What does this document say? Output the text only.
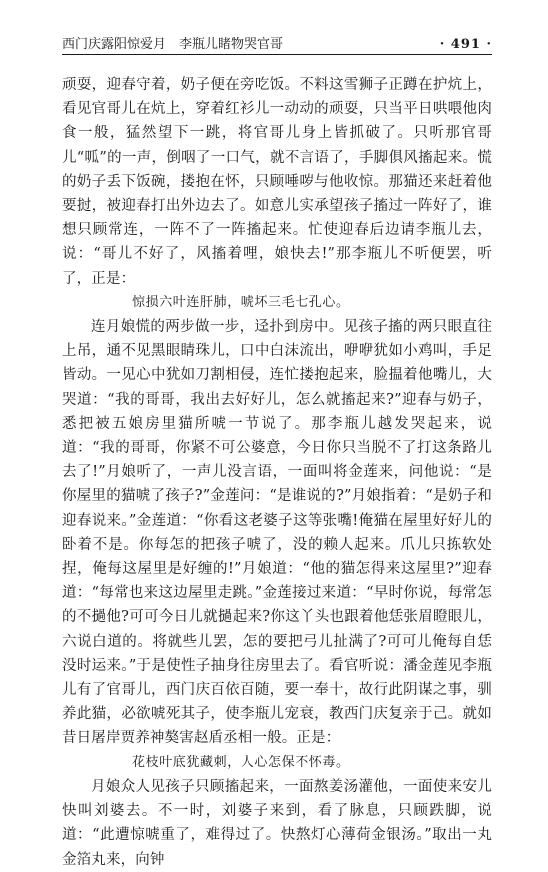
西门庆露阳惊爱月　李瓶儿睹物哭官哥	· 491 ·

顽耍，迎春守着，奶子便在旁吃饭。不料这雪狮子正蹲在护炕上，看见官哥儿在炕上，穿着红衫儿一动动的顽耍，只当平日哄喂他肉食一般，猛然望下一跳，将官哥儿身上皆抓破了。只听那官哥儿“呱”的一声，倒咽了一口气，就不言语了，手脚俱风搐起来。慌的奶子丢下饭碗，搂抱在怀，只顾唾哕与他收惊。那猫还来赶着他要挝，被迎春打出外边去了。如意儿实承望孩子搐过一阵好了，谁想只顾常连，一阵不了一阵搐起来。忙使迎春后边请李瓶儿去，说：“哥儿不好了，风搐着哩，娘快去!”那李瓶儿不听便罢，听了，正是：

惊损六叶连肝肺，唬坏三毛七孔心。

连月娘慌的两步做一步，迳扑到房中。见孩子搐的两只眼直往上吊，通不见黑眼睛珠儿，口中白沫流出，咿咿犹如小鸡叫，手足皆动。一见心中犹如刀割相侵，连忙搂抱起来，脸揾着他嘴儿，大哭道：“我的哥哥，我出去好好儿，怎么就搐起来?”迎春与奶子，悉把被五娘房里猫所唬一节说了。那李瓶儿越发哭起来，说道：“我的哥哥，你紧不可公婆意，今日你只当脱不了打这条路儿去了!”月娘听了，一声儿没言语，一面叫将金莲来，问他说：“是你屋里的猫唬了孩子?”金莲问：“是谁说的?”月娘指着：“是奶子和迎春说来。”金莲道：“你看这老婆子这等张嘴!俺猫在屋里好好儿的卧着不是。你每怎的把孩子唬了，没的赖人起来。爪儿只拣软处捏，俺每这屋里是好缠的!”月娘道：“他的猫怎得来这屋里?”迎春道：“每常也来这边屋里走跳。”金莲接过来道：“早时你说，每常怎的不撾他?可可今日儿就撾起来?你这丫头也跟着他恁张眉瞪眼儿，六说白道的。将就些儿罢，怎的要把弓儿扯满了?可可儿俺每自恁没时运来。”于是使性子抽身往房里去了。看官听说：潘金莲见李瓶儿有了官哥儿，西门庆百依百随，要一奉十，故行此阴谋之事，驯养此猫，必欲唬死其子，使李瓶儿宠衰，教西门庆复亲于己。就如昔日屠岸贾养神獒害赵盾丞相一般。正是：

花枝叶底犹藏刺，人心怎保不怀毒。

月娘众人见孩子只顾搐起来，一面熬姜汤灌他，一面使来安儿快叫刘婆去。不一时，刘婆子来到，看了脉息，只顾跌脚，说道：“此遭惊唬重了，难得过了。快熬灯心薄荷金银汤。”取出一丸金箔丸来，向钟
